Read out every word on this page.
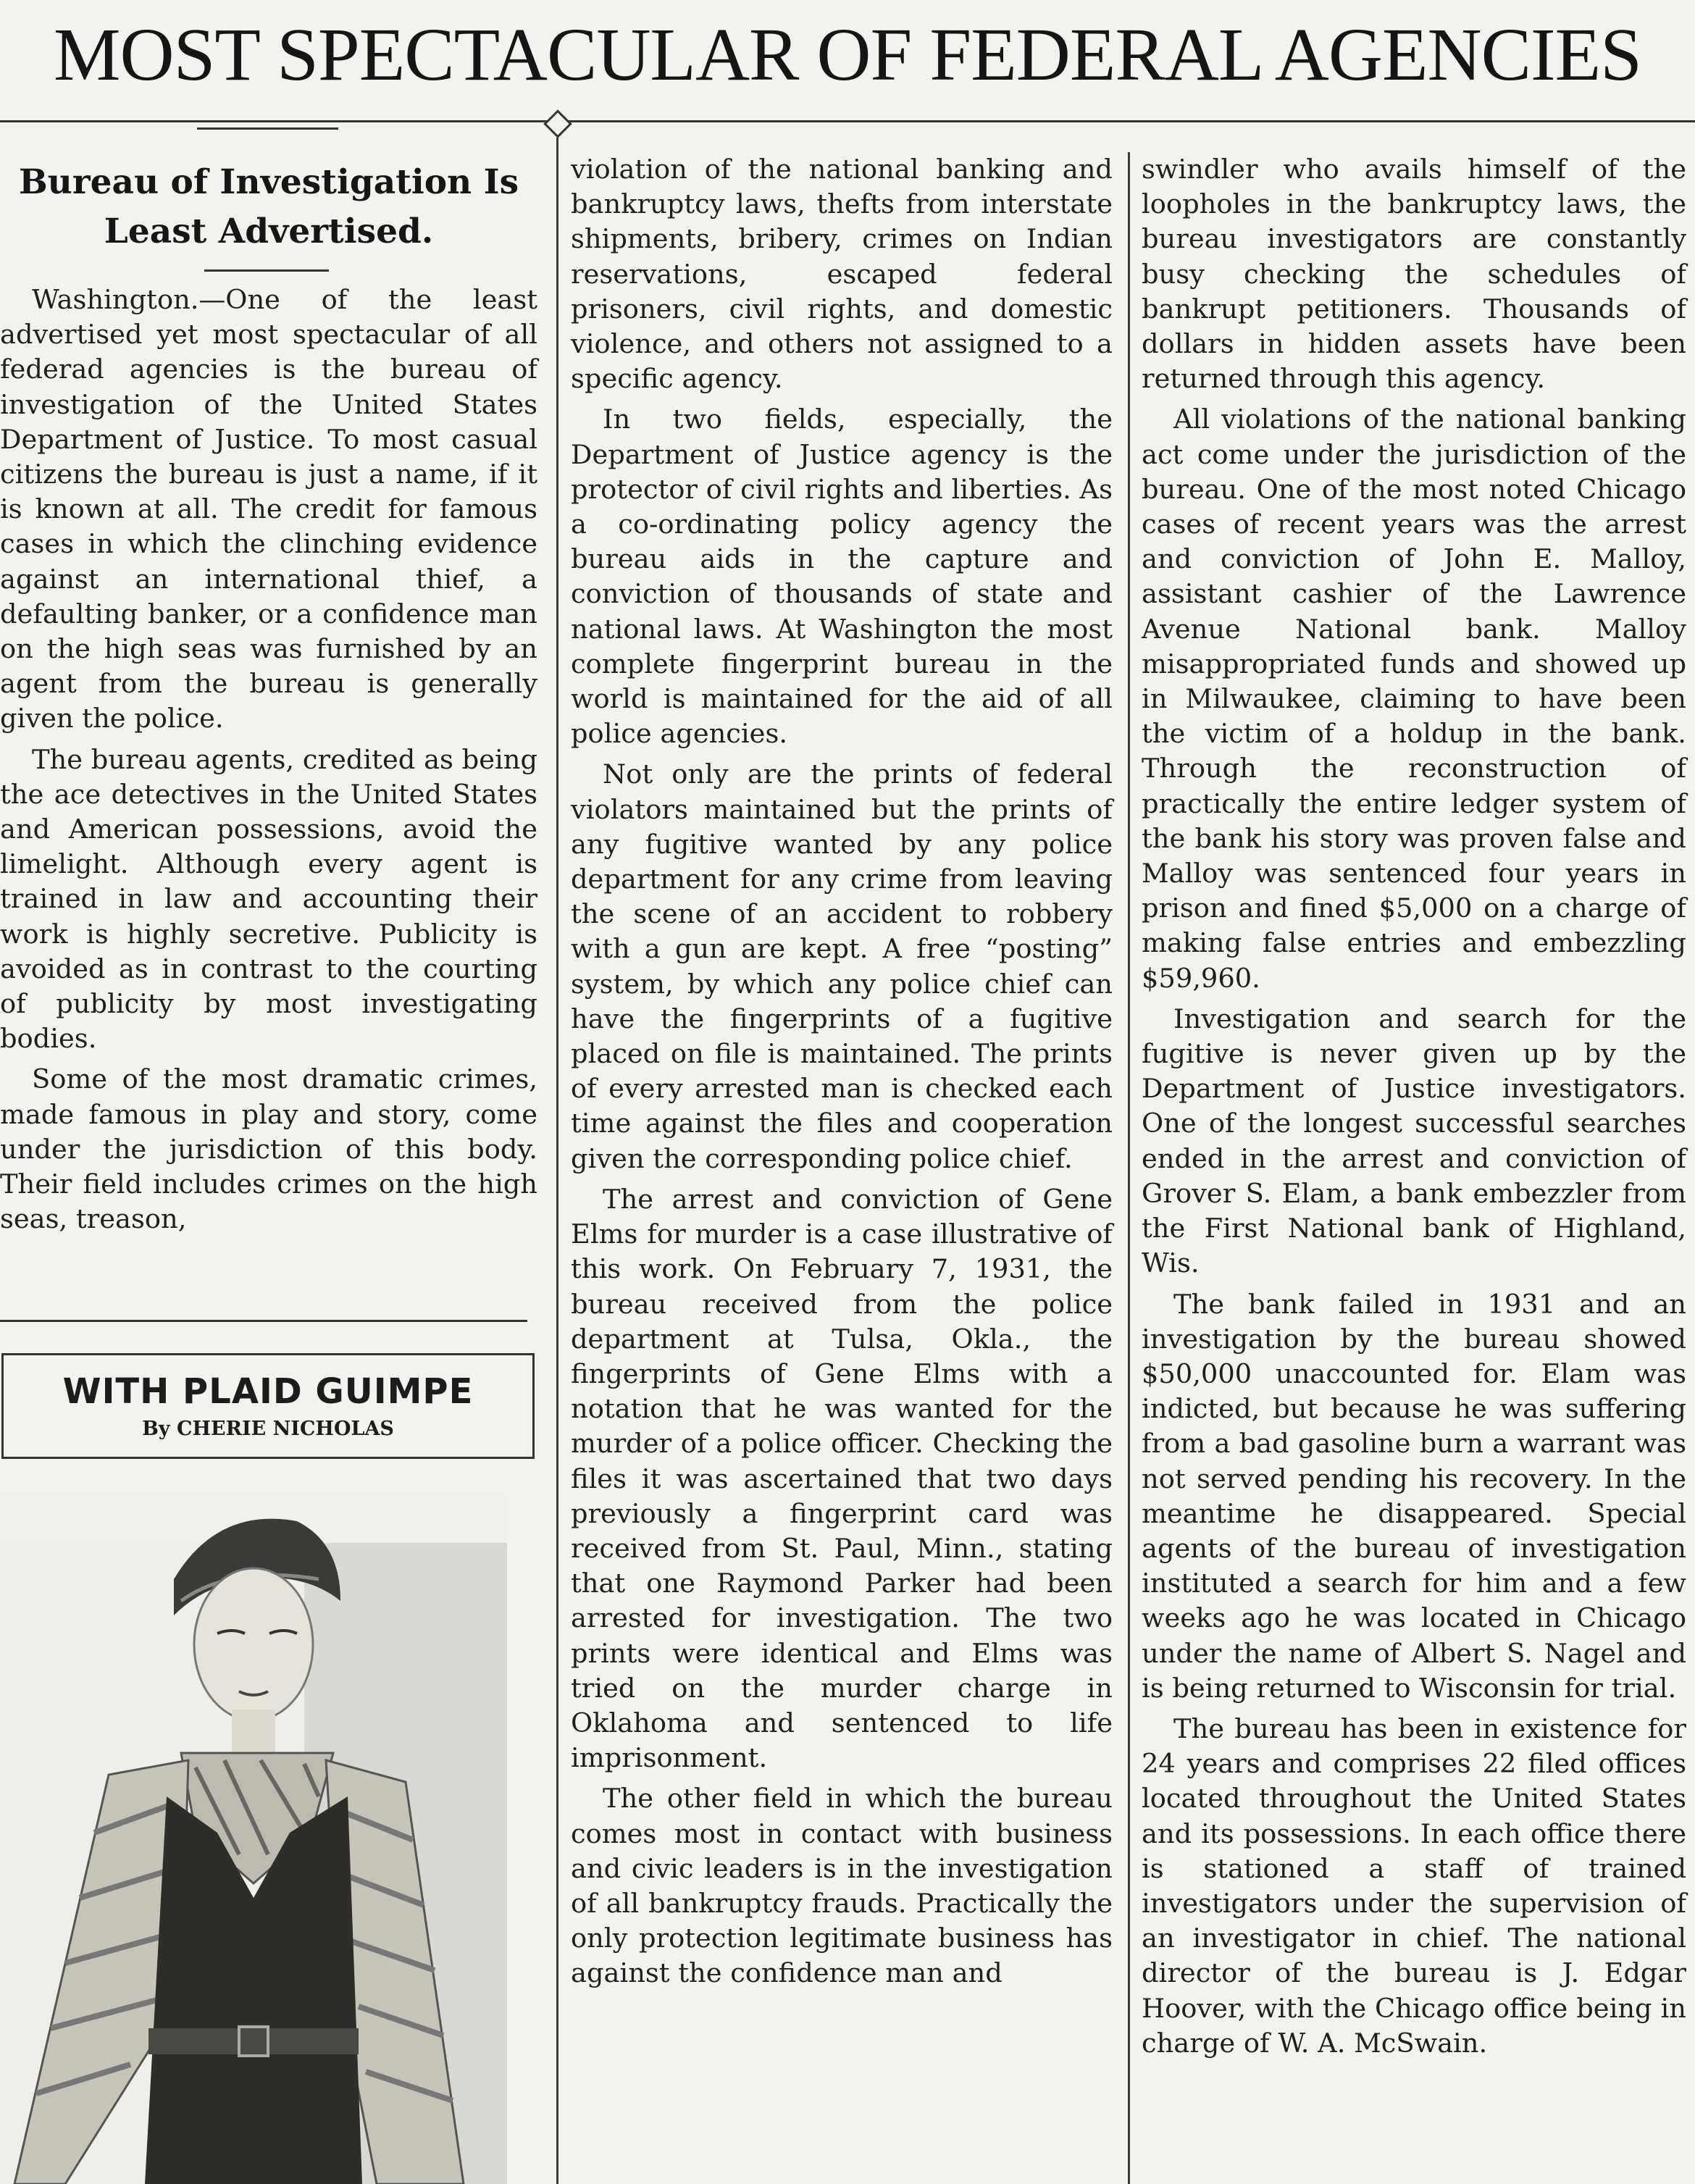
MOST SPECTACULAR OF FEDERAL AGENCIES
Bureau of Investigation Is
Least Advertised.

Washington.—One of the least advertised yet most spectacular of all federad agencies is the bureau of investigation of the United States Department of Justice. To most casual citizens the bureau is just a name, if it is known at all. The credit for famous cases in which the clinching evidence against an international thief, a defaulting banker, or a confidence man on the high seas was furnished by an agent from the bureau is generally given the police.

The bureau agents, credited as being the ace detectives in the United States and American possessions, avoid the limelight. Although every agent is trained in law and accounting their work is highly secretive. Publicity is avoided as in contrast to the courting of publicity by most investigating bodies.

Some of the most dramatic crimes, made famous in play and story, come under the jurisdiction of this body. Their field includes crimes on the high seas, treason,

WITH PLAID GUIMPE
By CHERIE NICHOLAS

violation of the national banking and bankruptcy laws, thefts from interstate shipments, bribery, crimes on Indian reservations, escaped federal prisoners, civil rights, and domestic violence, and others not assigned to a specific agency.

In two fields, especially, the Department of Justice agency is the protector of civil rights and liberties. As a co-ordinating policy agency the bureau aids in the capture and conviction of thousands of state and national laws. At Washington the most complete fingerprint bureau in the world is maintained for the aid of all police agencies.

Not only are the prints of federal violators maintained but the prints of any fugitive wanted by any police department for any crime from leaving the scene of an accident to robbery with a gun are kept. A free “posting” system, by which any police chief can have the fingerprints of a fugitive placed on file is maintained. The prints of every arrested man is checked each time against the files and cooperation given the corresponding police chief.

The arrest and conviction of Gene Elms for murder is a case illustrative of this work. On February 7, 1931, the bureau received from the police department at Tulsa, Okla., the fingerprints of Gene Elms with a notation that he was wanted for the murder of a police officer. Checking the files it was ascertained that two days previously a fingerprint card was received from St. Paul, Minn., stating that one Raymond Parker had been arrested for investigation. The two prints were identical and Elms was tried on the murder charge in Oklahoma and sentenced to life imprisonment.

The other field in which the bureau comes most in contact with business and civic leaders is in the investigation of all bankruptcy frauds. Practically the only protection legitimate business has against the confidence man and

swindler who avails himself of the loopholes in the bankruptcy laws, the bureau investigators are constantly busy checking the schedules of bankrupt petitioners. Thousands of dollars in hidden assets have been returned through this agency.

All violations of the national banking act come under the jurisdiction of the bureau. One of the most noted Chicago cases of recent years was the arrest and conviction of John E. Malloy, assistant cashier of the Lawrence Avenue National bank. Malloy misappropriated funds and showed up in Milwaukee, claiming to have been the victim of a holdup in the bank. Through the reconstruction of practically the entire ledger system of the bank his story was proven false and Malloy was sentenced four years in prison and fined $5,000 on a charge of making false entries and embezzling $59,960.

Investigation and search for the fugitive is never given up by the Department of Justice investigators. One of the longest successful searches ended in the arrest and conviction of Grover S. Elam, a bank embezzler from the First National bank of Highland, Wis.

The bank failed in 1931 and an investigation by the bureau showed $50,000 unaccounted for. Elam was indicted, but because he was suffering from a bad gasoline burn a warrant was not served pending his recovery. In the meantime he disappeared. Special agents of the bureau of investigation instituted a search for him and a few weeks ago he was located in Chicago under the name of Albert S. Nagel and is being returned to Wisconsin for trial.

The bureau has been in existence for 24 years and comprises 22 filed offices located throughout the United States and its possessions. In each office there is stationed a staff of trained investigators under the supervision of an investigator in chief. The national director of the bureau is J. Edgar Hoover, with the Chicago office being in charge of W. A. McSwain.
